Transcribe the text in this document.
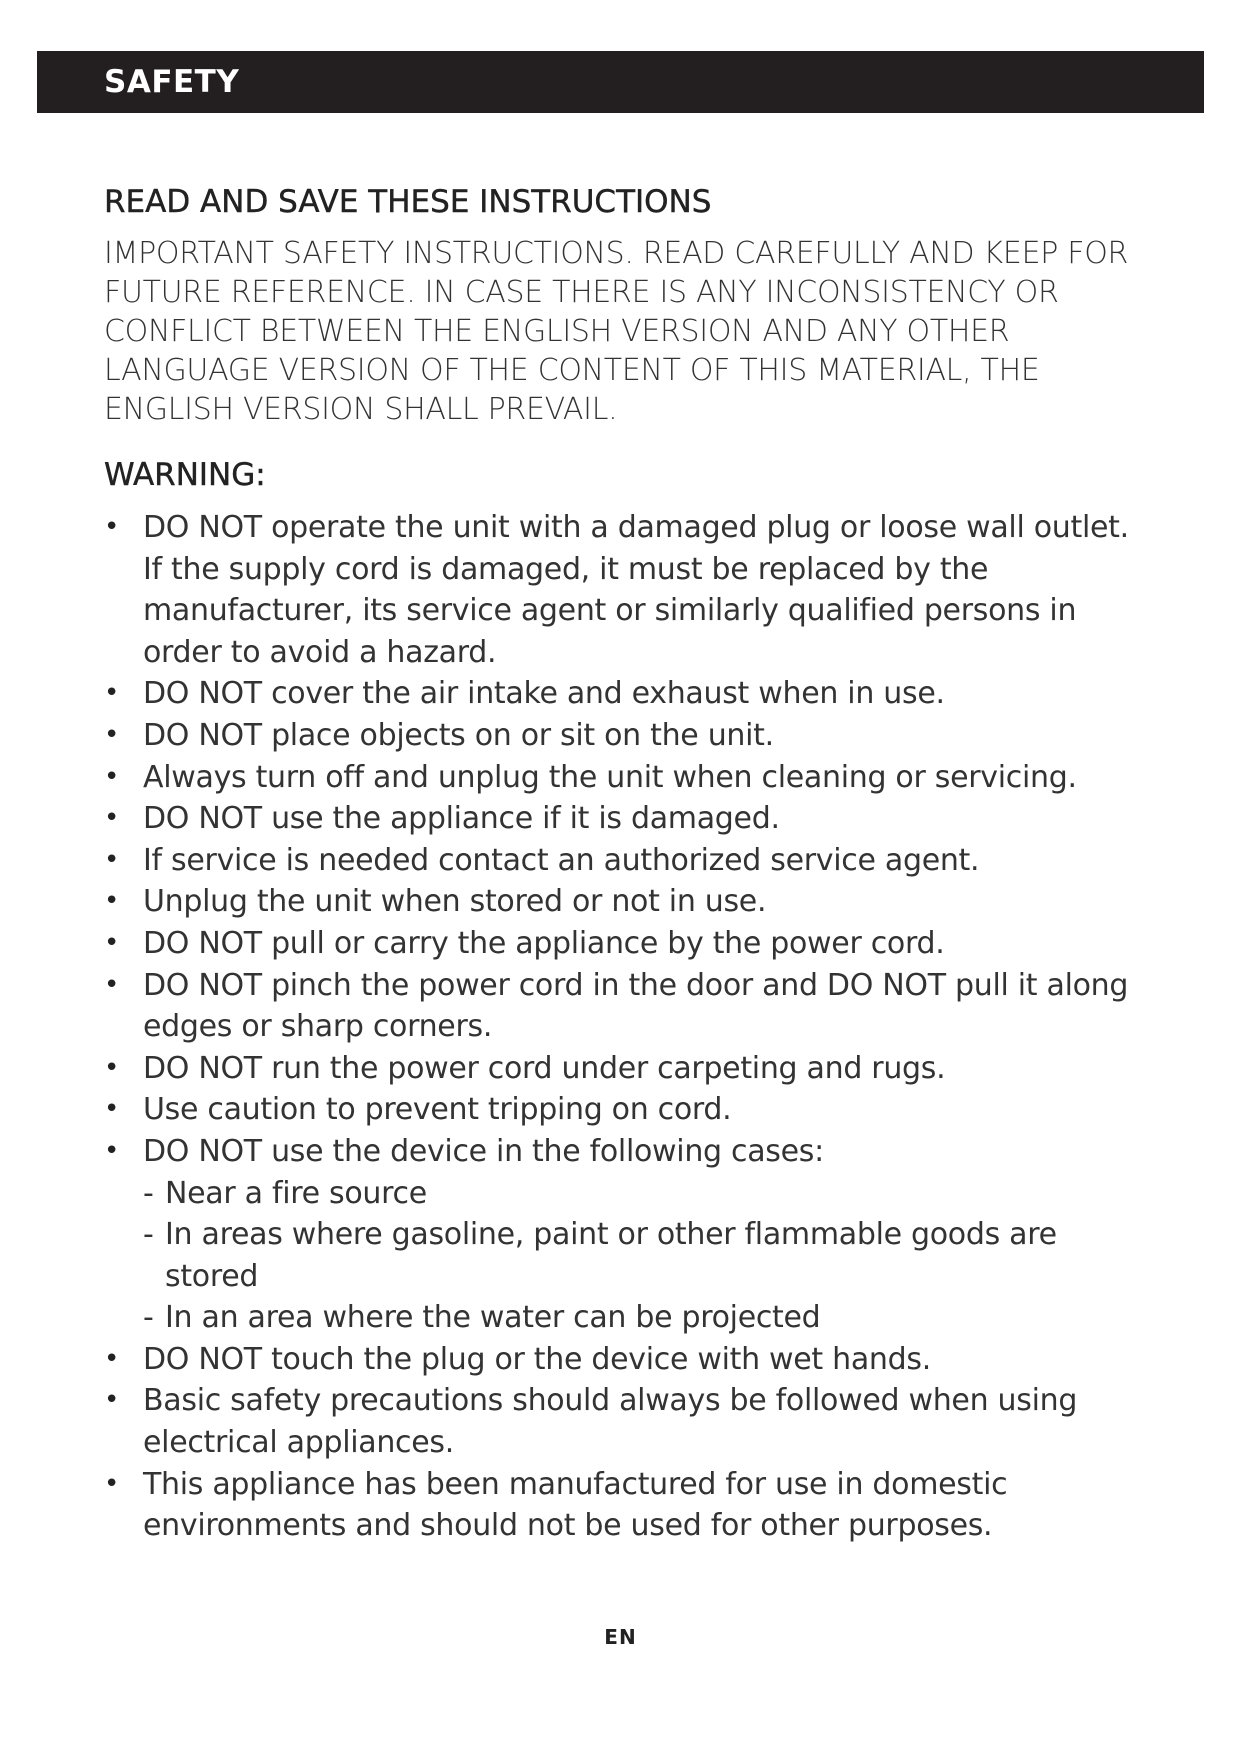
SAFETY
READ AND SAVE THESE INSTRUCTIONS

IMPORTANT SAFETY INSTRUCTIONS. READ CAREFULLY AND KEEP FOR FUTURE REFERENCE. IN CASE THERE IS ANY INCONSISTENCY OR CONFLICT BETWEEN THE ENGLISH VERSION AND ANY OTHER LANGUAGE VERSION OF THE CONTENT OF THIS MATERIAL, THE ENGLISH VERSION SHALL PREVAIL.

WARNING:
• DO NOT operate the unit with a damaged plug or loose wall outlet. If the supply cord is damaged, it must be replaced by the manufacturer, its service agent or similarly qualified persons in order to avoid a hazard.
• DO NOT cover the air intake and exhaust when in use.
• DO NOT place objects on or sit on the unit.
• Always turn off and unplug the unit when cleaning or servicing.
• DO NOT use the appliance if it is damaged.
• If service is needed contact an authorized service agent.
• Unplug the unit when stored or not in use.
• DO NOT pull or carry the appliance by the power cord.
• DO NOT pinch the power cord in the door and DO NOT pull it along edges or sharp corners.
• DO NOT run the power cord under carpeting and rugs.
• Use caution to prevent tripping on cord.
• DO NOT use the device in the following cases:
- Near a fire source
- In areas where gasoline, paint or other flammable goods are stored
- In an area where the water can be projected
• DO NOT touch the plug or the device with wet hands.
• Basic safety precautions should always be followed when using electrical appliances.
• This appliance has been manufactured for use in domestic environments and should not be used for other purposes.
EN
